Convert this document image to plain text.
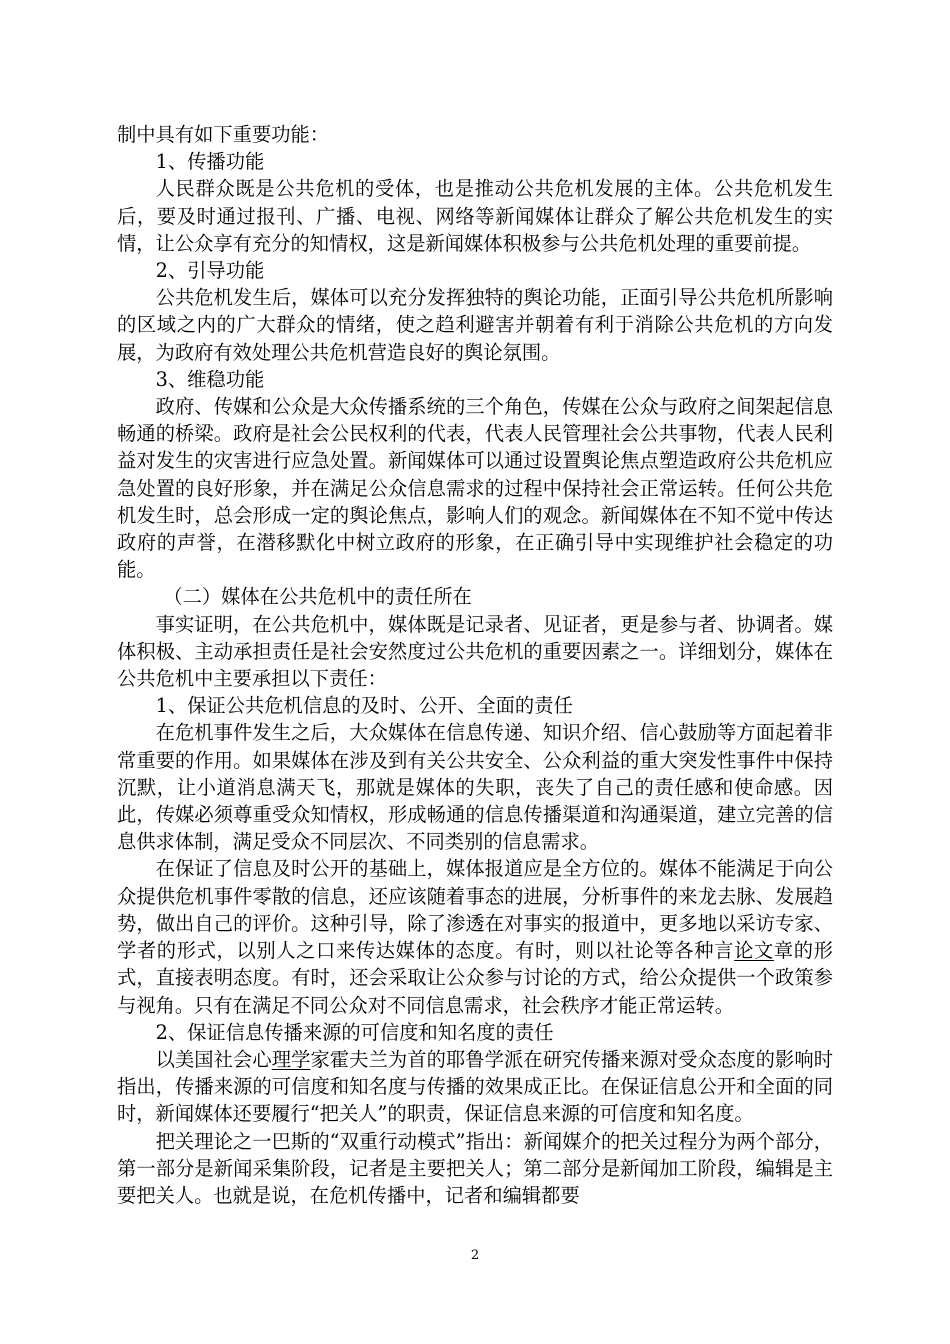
制中具有如下重要功能：

1、传播功能

人民群众既是公共危机的受体，也是推动公共危机发展的主体。公共危机发生后，要及时通过报刊、广播、电视、网络等新闻媒体让群众了解公共危机发生的实情，让公众享有充分的知情权，这是新闻媒体积极参与公共危机处理的重要前提。

2、引导功能

公共危机发生后，媒体可以充分发挥独特的舆论功能，正面引导公共危机所影响的区域之内的广大群众的情绪，使之趋利避害并朝着有利于消除公共危机的方向发展，为政府有效处理公共危机营造良好的舆论氛围。

3、维稳功能

政府、传媒和公众是大众传播系统的三个角色，传媒在公众与政府之间架起信息畅通的桥梁。政府是社会公民权利的代表，代表人民管理社会公共事物，代表人民利益对发生的灾害进行应急处置。新闻媒体可以通过设置舆论焦点塑造政府公共危机应急处置的良好形象，并在满足公众信息需求的过程中保持社会正常运转。任何公共危机发生时，总会形成一定的舆论焦点，影响人们的观念。新闻媒体在不知不觉中传达政府的声誉，在潜移默化中树立政府的形象，在正确引导中实现维护社会稳定的功能。

（二）媒体在公共危机中的责任所在

事实证明，在公共危机中，媒体既是记录者、见证者，更是参与者、协调者。媒体积极、主动承担责任是社会安然度过公共危机的重要因素之一。详细划分，媒体在公共危机中主要承担以下责任：

1、保证公共危机信息的及时、公开、全面的责任

在危机事件发生之后，大众媒体在信息传递、知识介绍、信心鼓励等方面起着非常重要的作用。如果媒体在涉及到有关公共安全、公众利益的重大突发性事件中保持沉默，让小道消息满天飞，那就是媒体的失职，丧失了自己的责任感和使命感。因此，传媒必须尊重受众知情权，形成畅通的信息传播渠道和沟通渠道，建立完善的信息供求体制，满足受众不同层次、不同类别的信息需求。

在保证了信息及时公开的基础上，媒体报道应是全方位的。媒体不能满足于向公众提供危机事件零散的信息，还应该随着事态的进展，分析事件的来龙去脉、发展趋势，做出自己的评价。这种引导，除了渗透在对事实的报道中，更多地以采访专家、学者的形式，以别人之口来传达媒体的态度。有时，则以社论等各种言论文章的形式，直接表明态度。有时，还会采取让公众参与讨论的方式，给公众提供一个政策参与视角。只有在满足不同公众对不同信息需求，社会秩序才能正常运转。

2、保证信息传播来源的可信度和知名度的责任

以美国社会心理学家霍夫兰为首的耶鲁学派在研究传播来源对受众态度的影响时指出，传播来源的可信度和知名度与传播的效果成正比。在保证信息公开和全面的同时，新闻媒体还要履行“把关人”的职责，保证信息来源的可信度和知名度。

把关理论之一巴斯的“双重行动模式”指出：新闻媒介的把关过程分为两个部分，第一部分是新闻采集阶段，记者是主要把关人；第二部分是新闻加工阶段，编辑是主要把关人。也就是说，在危机传播中，记者和编辑都要

2
